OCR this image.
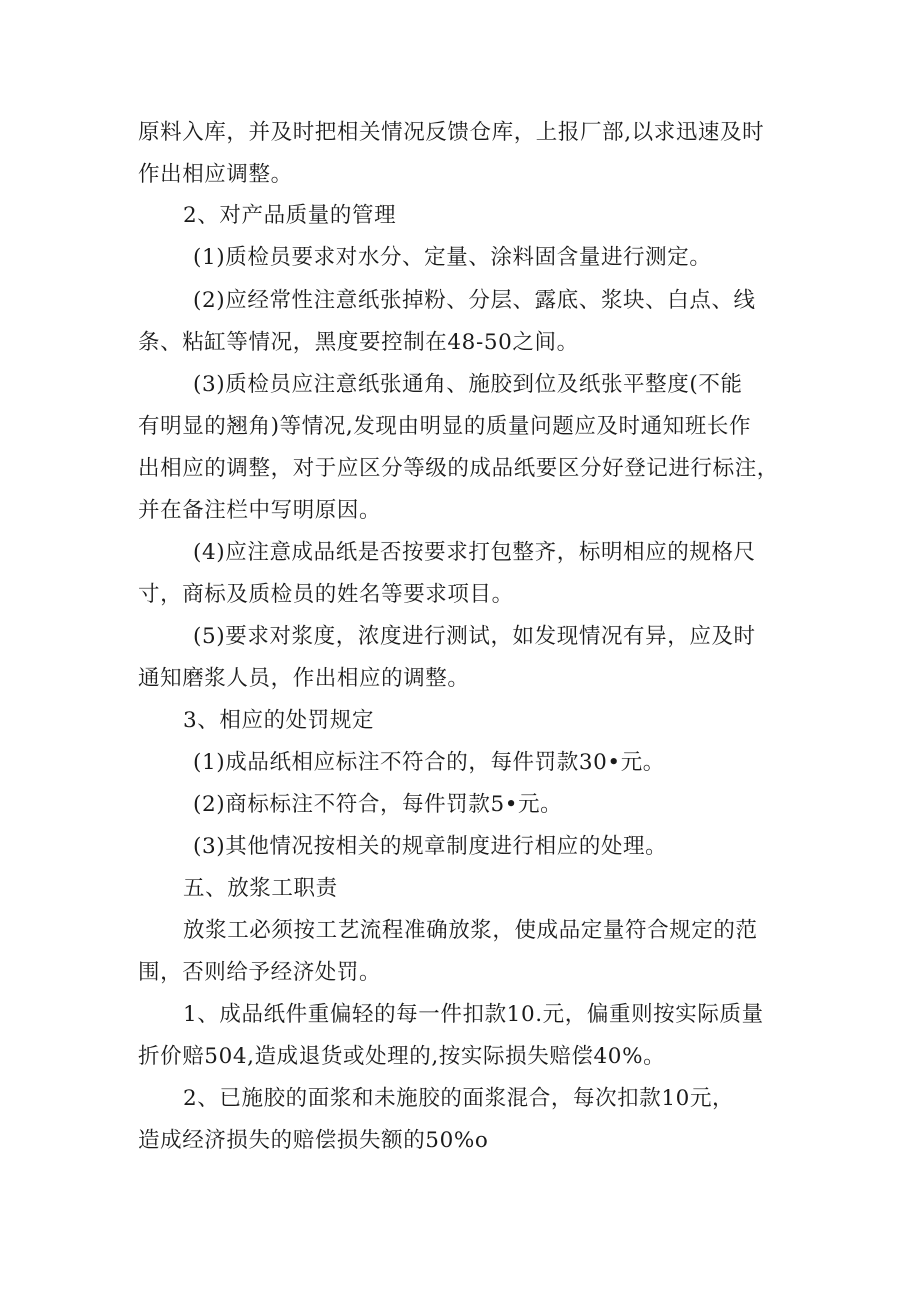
原料入库，并及时把相关情况反馈仓库，上报厂部,以求迅速及时
作出相应调整。
2、对产品质量的管理
(1)质检员要求对水分、定量、涂料固含量进行测定。
(2)应经常性注意纸张掉粉、分层、露底、浆块、白点、线
条、粘缸等情况，黑度要控制在48-50之间。
(3)质检员应注意纸张通角、施胶到位及纸张平整度(不能
有明显的翘角)等情况,发现由明显的质量问题应及时通知班长作
出相应的调整，对于应区分等级的成品纸要区分好登记进行标注，
并在备注栏中写明原因。
(4)应注意成品纸是否按要求打包整齐，标明相应的规格尺
寸，商标及质检员的姓名等要求项目。
(5)要求对浆度，浓度进行测试，如发现情况有异，应及时
通知磨浆人员，作出相应的调整。
3、相应的处罚规定
(1)成品纸相应标注不符合的，每件罚款30•元。
(2)商标标注不符合，每件罚款5•元。
(3)其他情况按相关的规章制度进行相应的处理。
五、放浆工职责
放浆工必须按工艺流程准确放浆，使成品定量符合规定的范
围，否则给予经济处罚。
1、成品纸件重偏轻的每一件扣款10.元，偏重则按实际质量
折价赔504,造成退货或处理的,按实际损失赔偿40%。
2、已施胶的面浆和未施胶的面浆混合，每次扣款10元，
造成经济损失的赔偿损失额的50%o
